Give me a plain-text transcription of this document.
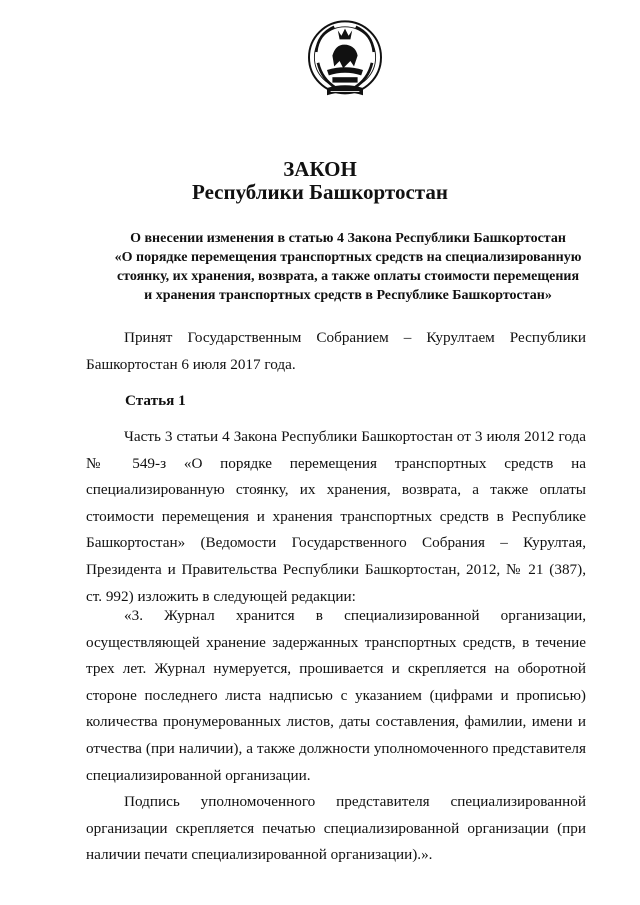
ЗАКОН
Республики Башкортостан
О внесении изменения в статью 4 Закона Республики Башкортостан
«О порядке перемещения транспортных средств на специализированную
стоянку, их хранения, возврата, а также оплаты стоимости перемещения
и хранения транспортных средств в Республике Башкортостан»
Принят Государственным Собранием – Курултаем Республики
Башкортостан 6 июля 2017 года.
Статья 1
Часть 3 статьи 4 Закона Республики Башкортостан от 3 июля 2012 года
№ 549-з «О порядке перемещения транспортных средств на
специализированную стоянку, их хранения, возврата, а также оплаты
стоимости перемещения и хранения транспортных средств в Республике
Башкортостан» (Ведомости Государственного Собрания – Курултая,
Президента и Правительства Республики Башкортостан, 2012, № 21 (387),
ст. 992) изложить в следующей редакции:
«3. Журнал хранится в специализированной организации,
осуществляющей хранение задержанных транспортных средств, в течение
трех лет. Журнал нумеруется, прошивается и скрепляется на оборотной
стороне последнего листа надписью с указанием (цифрами и прописью)
количества пронумерованных листов, даты составления, фамилии, имени и
отчества (при наличии), а также должности уполномоченного представителя
специализированной организации.
Подпись уполномоченного представителя специализированной
организации скрепляется печатью специализированной организации (при
наличии печати специализированной организации).».
